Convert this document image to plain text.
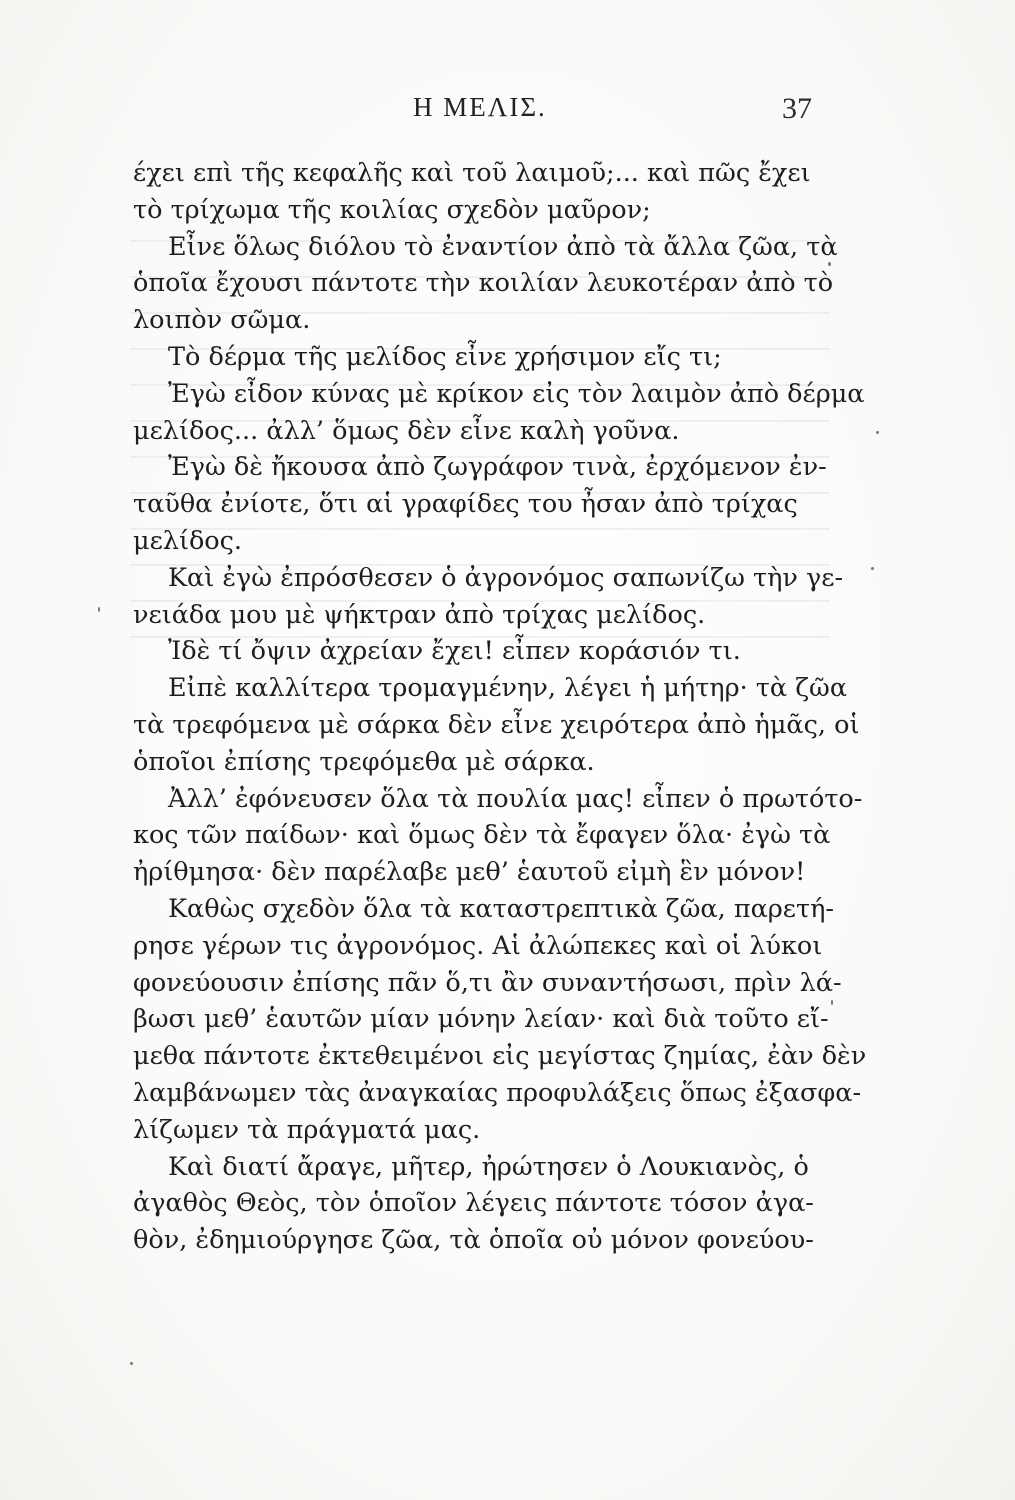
Η ΜΕΛΙΣ.	37
έχει επὶ τῆς κεφαλῆς καὶ τοῦ λαιμοῦ;... καὶ πῶς ἔχει
τὸ τρίχωμα τῆς κοιλίας σχεδὸν μαῦρον;
Εἶνε ὅλως διόλου τὸ ἐναντίον ἀπὸ τὰ ἄλλα ζῶα, τὰ
ὁποῖα ἔχουσι πάντοτε τὴν κοιλίαν λευκοτέραν ἀπὸ τὸ
λοιπὸν σῶμα.
Τὸ δέρμα τῆς μελίδος εἶνε χρήσιμον εἴς τι;
Ἐγὼ εἶδον κύνας μὲ κρίκον εἰς τὸν λαιμὸν ἀπὸ δέρμα
μελίδος... ἀλλ’ ὅμως δὲν εἶνε καλὴ γοῦνα.
Ἐγὼ δὲ ἤκουσα ἀπὸ ζωγράφον τινὰ, ἐρχόμενον ἐν-
ταῦθα ἐνίοτε, ὅτι αἱ γραφίδες του ἦσαν ἀπὸ τρίχας
μελίδος.
Καὶ ἐγὼ ἐπρόσθεσεν ὁ ἀγρονόμος σαπωνίζω τὴν γε-
νειάδα μου μὲ ψήκτραν ἀπὸ τρίχας μελίδος.
Ἰδὲ τί ὄψιν ἀχρείαν ἔχει! εἶπεν κοράσιόν τι.
Εἰπὲ καλλίτερα τρομαγμένην, λέγει ἡ μήτηρ· τὰ ζῶα
τὰ τρεφόμενα μὲ σάρκα δὲν εἶνε χειρότερα ἀπὸ ἡμᾶς, οἱ
ὁποῖοι ἐπίσης τρεφόμεθα μὲ σάρκα.
Ἀλλ’ ἐφόνευσεν ὅλα τὰ πουλία μας! εἶπεν ὁ πρωτότο-
κος τῶν παίδων· καὶ ὅμως δὲν τὰ ἔφαγεν ὅλα· ἐγὼ τὰ
ἠρίθμησα· δὲν παρέλαβε μεθ’ ἑαυτοῦ εἰμὴ ἓν μόνον!
Καθὼς σχεδὸν ὅλα τὰ καταστρεπτικὰ ζῶα, παρετή-
ρησε γέρων τις ἀγρονόμος. Αἱ ἀλώπεκες καὶ οἱ λύκοι
φονεύουσιν ἐπίσης πᾶν ὅ,τι ἂν συναντήσωσι, πρὶν λά-
βωσι μεθ’ ἑαυτῶν μίαν μόνην λείαν· καὶ διὰ τοῦτο εἴ-
μεθα πάντοτε ἐκτεθειμένοι εἰς μεγίστας ζημίας, ἐὰν δὲν
λαμβάνωμεν τὰς ἀναγκαίας προφυλάξεις ὅπως ἐξασφα-
λίζωμεν τὰ πράγματά μας.
Καὶ διατί ἄραγε, μῆτερ, ἠρώτησεν ὁ Λουκιανὸς, ὁ
ἀγαθὸς Θεὸς, τὸν ὁποῖον λέγεις πάντοτε τόσον ἀγα-
θὸν, ἐδημιούργησε ζῶα, τὰ ὁποῖα οὐ μόνον φονεύου-
